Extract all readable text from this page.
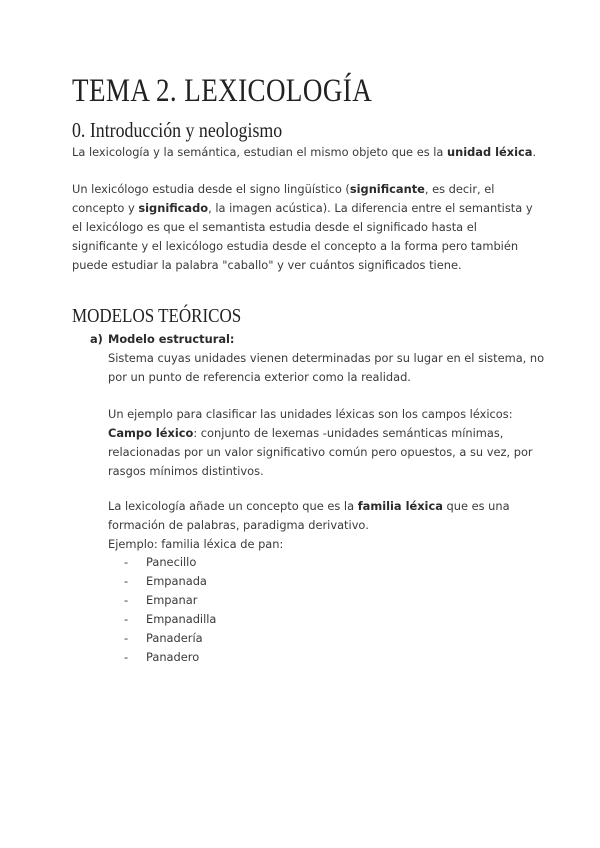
TEMA 2. LEXICOLOGÍA
0. Introducción y neologismo
La lexicología y la semántica, estudian el mismo objeto que es la unidad léxica.
Un lexicólogo estudia desde el signo lingüístico (significante, es decir, el concepto y significado, la imagen acústica). La diferencia entre el semantista y el lexicólogo es que el semantista estudia desde el significado hasta el significante y el lexicólogo estudia desde el concepto a la forma pero también puede estudiar la palabra "caballo" y ver cuántos significados tiene.
MODELOS TEÓRICOS
a) Modelo estructural:
Sistema cuyas unidades vienen determinadas por su lugar en el sistema, no por un punto de referencia exterior como la realidad.
Un ejemplo para clasificar las unidades léxicas son los campos léxicos:
Campo léxico: conjunto de lexemas -unidades semánticas mínimas, relacionadas por un valor significativo común pero opuestos, a su vez, por rasgos mínimos distintivos.
La lexicología añade un concepto que es la familia léxica que es una formación de palabras, paradigma derivativo.
Ejemplo: familia léxica de pan:
- Panecillo
- Empanada
- Empanar
- Empanadilla
- Panadería
- Panadero
